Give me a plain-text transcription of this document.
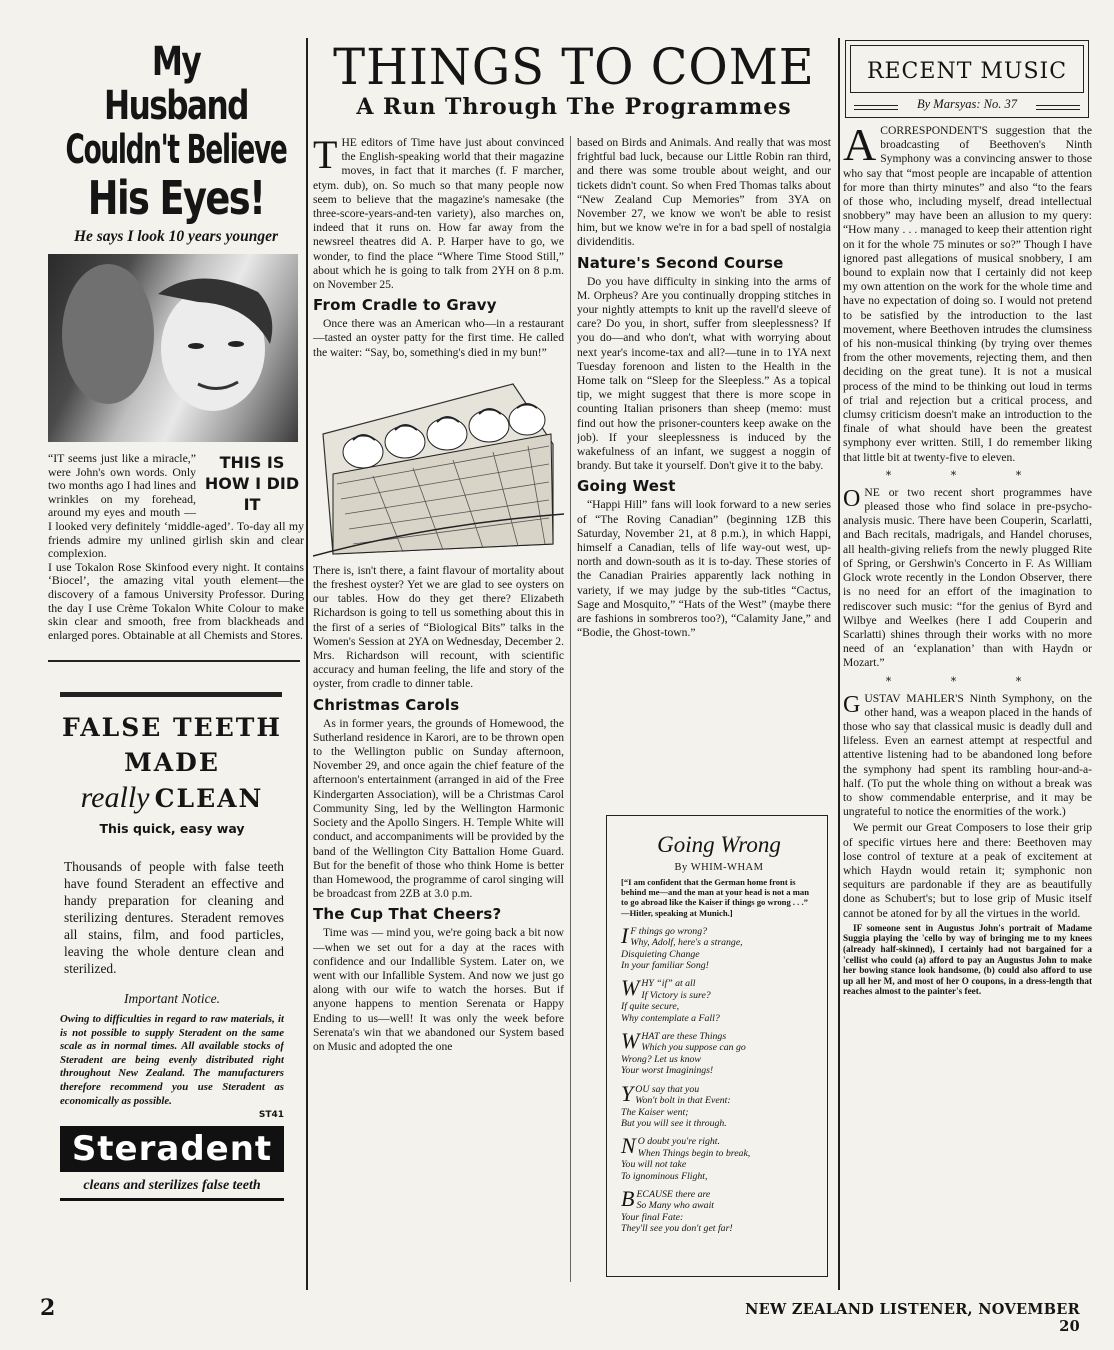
My Husband
Couldn't Believe
His Eyes!
He says I look 10 years younger
THIS IS HOW I DID IT

“IT seems just like a miracle,” were John's own words. Only two months ago I had lines and wrinkles on my forehead, around my eyes and mouth — I looked very definitely ‘middle-aged’. To-day all my friends admire my unlined girlish skin and clear complexion.

I use Tokalon Rose Skinfood every night. It contains ‘Biocel’, the amazing vital youth element—the discovery of a famous University Professor. During the day I use Crème Tokalon White Colour to make skin clear and smooth, free from blackheads and enlarged pores. Obtainable at all Chemists and Stores.

FALSE TEETH
MADE
really CLEAN
This quick, easy way

Thousands of people with false teeth have found Steradent an effective and handy preparation for cleaning and sterilizing dentures. Steradent removes all stains, film, and food particles, leaving the whole denture clean and sterilized.

Important Notice.

Owing to difficulties in regard to raw materials, it is not possible to supply Steradent on the same scale as in normal times. All available stocks of Steradent are being evenly distributed right throughout New Zealand. The manufacturers therefore recommend you use Steradent as economically as possible.

ST41
Steradent
cleans and sterilizes false teeth
THINGS TO COME
A Run Through The Programmes

THE editors of Time have just about convinced the English-speaking world that their magazine moves, in fact that it marches (f. F marcher, etym. dub), on. So much so that many people now seem to believe that the magazine's namesake (the three-score-years-and-ten variety), also marches on, indeed that it runs on. How far away from the newsreel theatres did A. P. Harper have to go, we wonder, to find the place “Where Time Stood Still,” about which he is going to talk from 2YH on 8 p.m. on November 25.

From Cradle to Gravy

Once there was an American who—in a restaurant—tasted an oyster patty for the first time. He called the waiter: “Say, bo, something's died in my bun!”

There is, isn't there, a faint flavour of mortality about the freshest oyster? Yet we are glad to see oysters on our tables. How do they get there? Elizabeth Richardson is going to tell us something about this in the first of a series of “Biological Bits” talks in the Women's Session at 2YA on Wednesday, December 2. Mrs. Richardson will recount, with scientific accuracy and human feeling, the life and story of the oyster, from cradle to dinner table.

Christmas Carols

As in former years, the grounds of Homewood, the Sutherland residence in Karori, are to be thrown open to the Wellington public on Sunday afternoon, November 29, and once again the chief feature of the afternoon's entertainment (arranged in aid of the Free Kindergarten Association), will be a Christmas Carol Community Sing, led by the Wellington Harmonic Society and the Apollo Singers. H. Temple White will conduct, and accompaniments will be provided by the band of the Wellington City Battalion Home Guard. But for the benefit of those who think Home is better than Homewood, the programme of carol singing will be broadcast from 2ZB at 3.0 p.m.

The Cup That Cheers?

Time was — mind you, we're going back a bit now—when we set out for a day at the races with confidence and our Indallible System. Later on, we went with our Infallible System. And now we just go along with our wife to watch the horses. But if anyone happens to mention Serenata or Happy Ending to us—well! It was only the week before Serenata's win that we abandoned our System based on Music and adopted the one

based on Birds and Animals. And really that was most frightful bad luck, because our Little Robin ran third, and there was some trouble about weight, and our tickets didn't count. So when Fred Thomas talks about “New Zealand Cup Memories” from 3YA on November 27, we know we won't be able to resist him, but we know we're in for a bad spell of nostalgia dividenditis.

Nature's Second Course

Do you have difficulty in sinking into the arms of M. Orpheus? Are you continually dropping stitches in your nightly attempts to knit up the ravell'd sleeve of care? Do you, in short, suffer from sleeplessness? If you do—and who don't, what with worrying about next year's income-tax and all?—tune in to 1YA next Tuesday forenoon and listen to the Health in the Home talk on “Sleep for the Sleepless.” As a topical tip, we might suggest that there is more scope in counting Italian prisoners than sheep (memo: must find out how the prisoner-counters keep awake on the job). If your sleeplessness is induced by the wakefulness of an infant, we suggest a noggin of brandy. But take it yourself. Don't give it to the baby.

Going West

“Happi Hill” fans will look forward to a new series of “The Roving Canadian” (beginning 1ZB this Saturday, November 21, at 8 p.m.), in which Happi, himself a Canadian, tells of life way-out west, up-north and down-south as it is to-day. These stories of the Canadian Prairies apparently lack nothing in variety, if we may judge by the sub-titles “Cactus, Sage and Mosquito,” “Hats of the West” (maybe there are fashions in sombreros too?), “Calamity Jane,” and “Bodie, the Ghost-town.”

Going Wrong
By WHIM-WHAM

[“I am confident that the German home front is behind me—and the man at your head is not a man to go abroad like the Kaiser if things go wrong . . .” —Hitler, speaking at Munich.]

I F things go wrong?
Why, Adolf, here's a strange,
Disquieting Change
In your familiar Song!
WHY “if” at all
If Victory is sure?
If quite secure,
Why contemplate a Fall?
WHAT are these Things
Which you suppose can go
Wrong? Let us know
Your worst Imaginings!
YOU say that you
Won't bolt in that Event:
The Kaiser went;
But you will see it through.
N O doubt you're right.
When Things begin to break,
You will not take
To ignominous Flight,
BECAUSE there are
So Many who await
Your final Fate:
They'll see you don't get far!
RECENT MUSIC
By Marsyas: No. 37

ACORRESPONDENT'S suggestion that the broadcasting of Beethoven's Ninth Symphony was a convincing answer to those who say that “most people are incapable of attention for more than thirty minutes” and also “to the fears of those who, including myself, dread intellectual snobbery” may have been an allusion to my query: “How many . . . managed to keep their attention right on it for the whole 75 minutes or so?” Though I have ignored past allegations of musical snobbery, I am bound to explain now that I certainly did not keep my own attention on the work for the whole time and have no expectation of doing so. I would not pretend to be satisfied by the introduction to the last movement, where Beethoven intrudes the clumsiness of his non-musical thinking (by trying over themes from the other movements, rejecting them, and then deciding on the great tune). It is not a musical process of the mind to be thinking out loud in terms of trial and rejection but a critical process, and clumsy criticism doesn't make an introduction to the finale of what should have been the greatest symphony ever written. Still, I do remember liking that little bit at twenty-five to eleven.

* * *

ONE or two recent short programmes have pleased those who find solace in pre-psycho-analysis music. There have been Couperin, Scarlatti, and Bach recitals, madrigals, and Handel choruses, all health-giving reliefs from the newly plugged Rite of Spring, or Gershwin's Concerto in F. As William Glock wrote recently in the London Observer, there is no need for an effort of the imagination to rediscover such music: “for the genius of Byrd and Wilbye and Weelkes (here I add Couperin and Scarlatti) shines through their works with no more need of an ‘explanation’ than with Haydn or Mozart.”

* * *

GUSTAV MAHLER'S Ninth Symphony, on the other hand, was a weapon placed in the hands of those who say that classical music is deadly dull and lifeless. Even an earnest attempt at respectful and attentive listening had to be abandoned long before the symphony had spent its rambling hour-and-a-half. (To put the whole thing on without a break was to show commendable enterprise, and it may be ungrateful to notice the enormities of the work.)

We permit our Great Composers to lose their grip of specific virtues here and there: Beethoven may lose control of texture at a peak of excitement at which Haydn would retain it; symphonic non sequiturs are pardonable if they are as beautifully done as Schubert's; but to lose grip of Music itself cannot be atoned for by all the virtues in the world.

IF someone sent in Augustus John's portrait of Madame Suggia playing the 'cello by way of bringing me to my knees (already half-skinned), I certainly had not bargained for a 'cellist who could (a) afford to pay an Augustus John to make her bowing stance look handsome, (b) could also afford to use up all her M, and most of her O coupons, in a dress-length that reaches almost to the painter's feet.

2	NEW ZEALAND LISTENER, NOVEMBER 20
